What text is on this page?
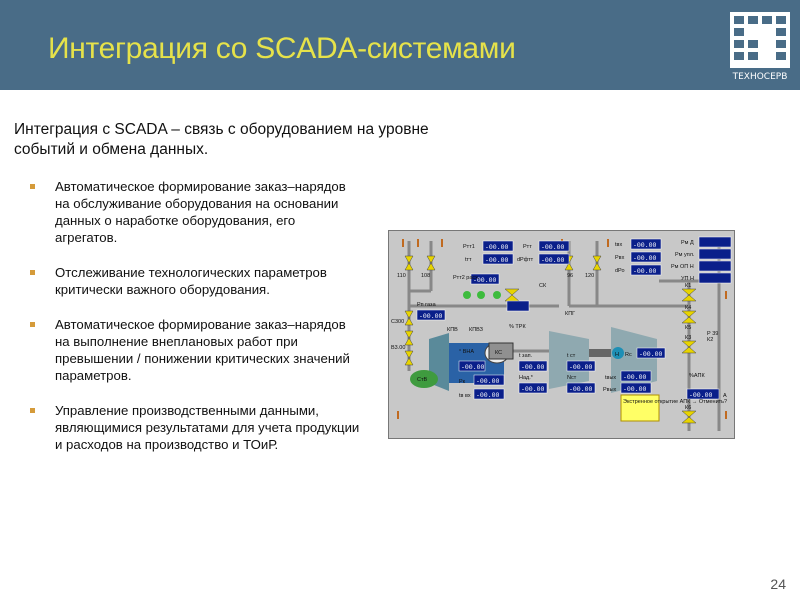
Интеграция со SCADA-системами
ТЕХНОСЕРВ
Интеграция с SCADA – связь с оборудованием на уровне событий и обмена данных.
Автоматическое формирование заказ–нарядов на обслуживание оборудования на основании данных о наработке оборудования, его агрегатов.
Отслеживание технологических параметров критически важного оборудования.
Автоматическое формирование заказ–нарядов на выполнение внеплановых работ при превышении / понижении критических значений параметров.
Управление производственными данными, являющимися результатами для учета продукции и расходов на производство и ТОиР.
-00.00
-00.00
-00.00
-00.00
-00.00
-00.00
-00.00
-00.00
-00.00
-00.00
-00.00
-00.00
-00.00
-00.00
-00.00
-00.00
-00.00
-00.00
-00.00
-00.00
Ртт1
tтт
Ртт
dРфтт
tвх
Рвх
dРо
Рм Д
Рм упл.
Рм ОП Н
УП Н
110	108	96 120
Ртт2 расх.
СК
КПГ
Рп газа
С300
В3.00
КПВ КПВЗ	% ТРК
КС	t зап.	t ст
Над.*	Nст
Н Rc
tвых
Рвых
К1
К2
К3
К4
К5
К6
Р 39
%АПК
А
° ВНА
Рк
tв вх
СтВ
Экстренное открытие АПК → Отменить?
24
